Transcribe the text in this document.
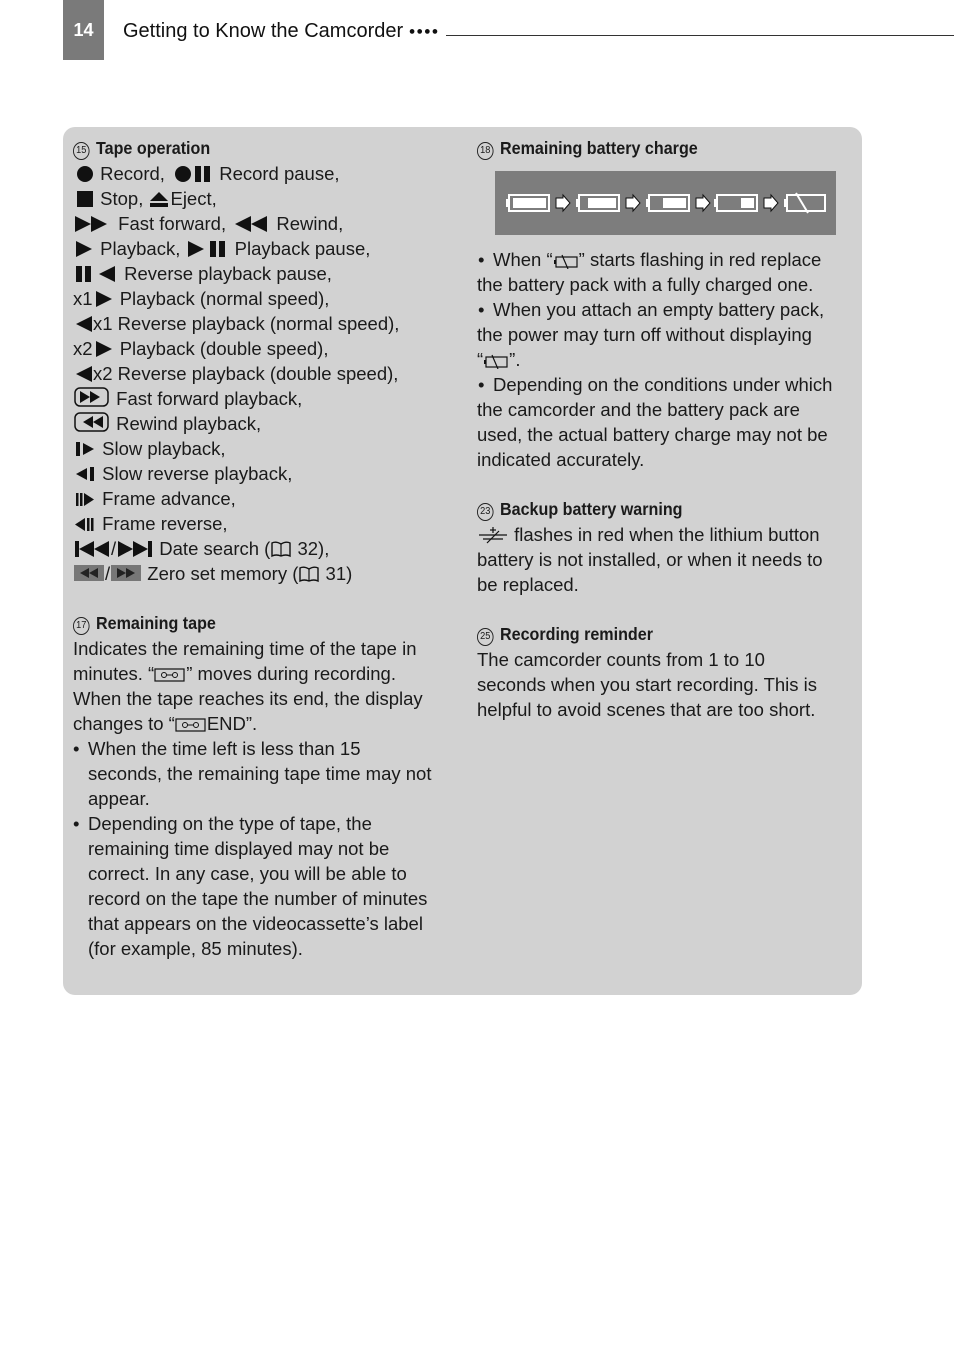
14 Getting to Know the Camcorder ●●●●
15 Tape operation
Record,	Record pause,
Stop, Eject,
Fast forward,	Rewind,
Playback,	Playback pause,
Reverse playback pause,
x1 Playback (normal speed),
x1 Reverse playback (normal speed),
x2 Playback (double speed),
x2 Reverse playback (double speed),
Fast forward playback,
Rewind playback,
Slow playback,
Slow reverse playback,
Frame advance,
Frame reverse,
/ Date search ( 32),
/ Zero set memory ( 31)
17 Remaining tape
Indicates the remaining time of the tape in
minutes. “ ” moves during recording.
When the tape reaches its end, the display
changes to “ END”.
• When the time left is less than 15
seconds, the remaining tape time may not
appear.
• Depending on the type of tape, the
remaining time displayed may not be
correct. In any case, you will be able to
record on the tape the number of minutes
that appears on the videocassette’s label
(for example, 85 minutes).
18 Remaining battery charge
• When “ ” starts flashing in red replace
the battery pack with a fully charged one.
• When you attach an empty battery pack,
the power may turn off without displaying
“ ”.
• Depending on the conditions under which
the camcorder and the battery pack are
used, the actual battery charge may not be
indicated accurately.
23 Backup battery warning
flashes in red when the lithium button
battery is not installed, or when it needs to
be replaced.
25 Recording reminder
The camcorder counts from 1 to 10
seconds when you start recording. This is
helpful to avoid scenes that are too short.
